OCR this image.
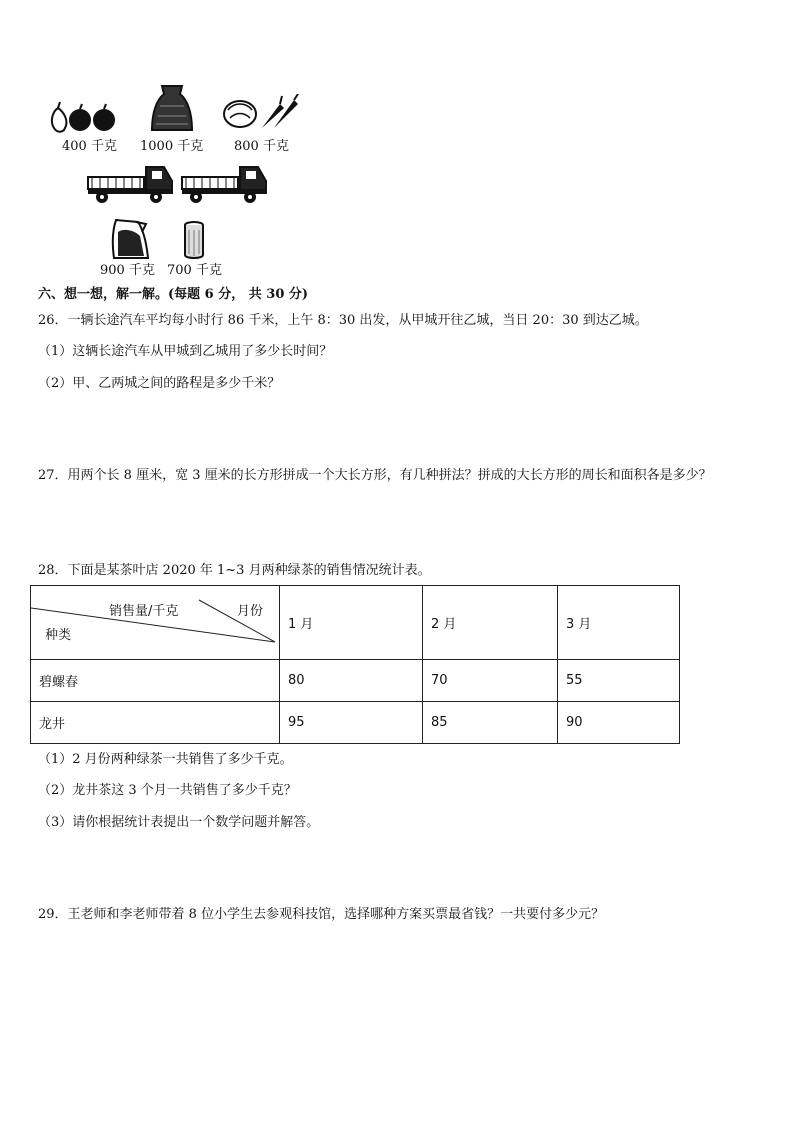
400 千克 1000 千克 800 千克
900 千克 700 千克
六、想一想，解一解。(每题 6 分， 共 30 分)
26．一辆长途汽车平均每小时行 86 千米，上午 8：30 出发，从甲城开往乙城，当日 20：30 到达乙城。
（1）这辆长途汽车从甲城到乙城用了多少长时间？
（2）甲、乙两城之间的路程是多少千米？
27．用两个长 8 厘米，宽 3 厘米的长方形拼成一个大长方形，有几种拼法？拼成的大长方形的周长和面积各是多少？
28．下面是某茶叶店 2020 年 1~3 月两种绿茶的销售情况统计表。
销售量/千克 月份
种类	1 月	2 月	3 月
碧螺春	80	70	55
龙井	95	85	90
（1）2 月份两种绿茶一共销售了多少千克。
（2）龙井茶这 3 个月一共销售了多少千克？
（3）请你根据统计表提出一个数学问题并解答。
29．王老师和李老师带着 8 位小学生去参观科技馆，选择哪种方案买票最省钱？一共要付多少元？
